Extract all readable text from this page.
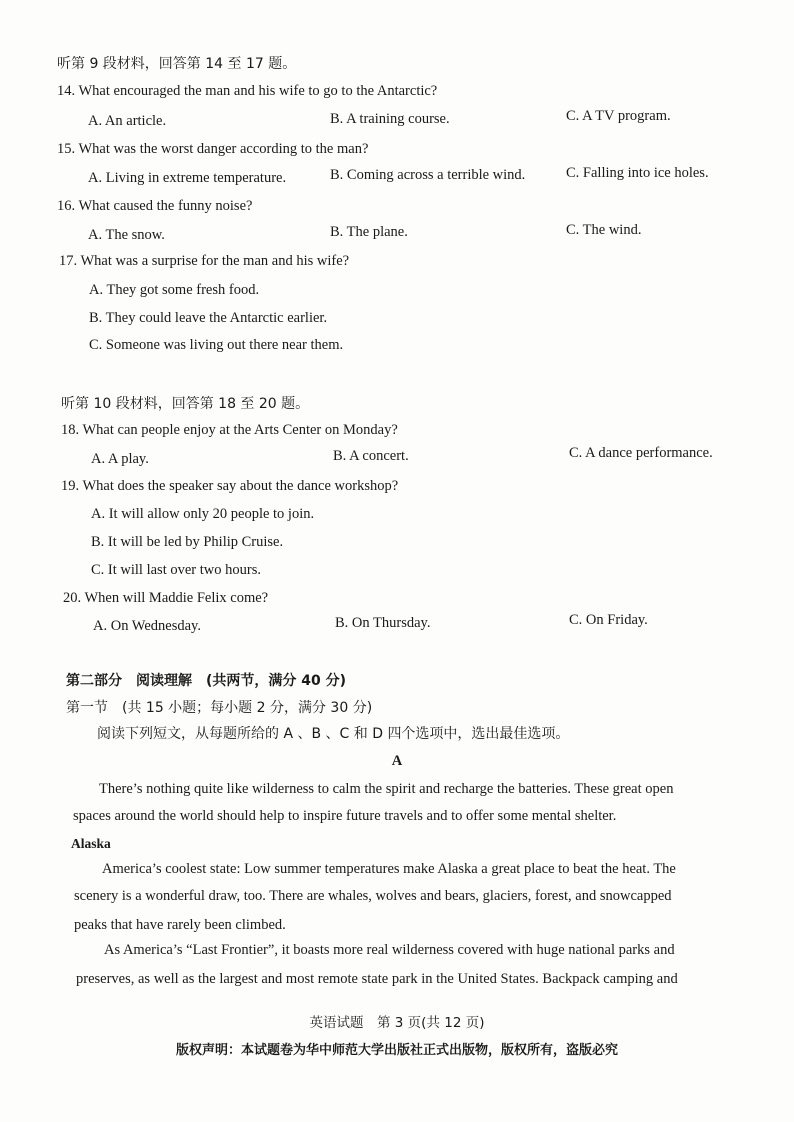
听第 9 段材料，回答第 14 至 17 题。
14. What encouraged the man and his wife to go to the Antarctic?
A. An article.	B. A training course.	C. A TV program.
15. What was the worst danger according to the man?
A. Living in extreme temperature.	B. Coming across a terrible wind.	C. Falling into ice holes.
16. What caused the funny noise?
A. The snow.	B. The plane.	C. The wind.
17. What was a surprise for the man and his wife?
A. They got some fresh food.
B. They could leave the Antarctic earlier.
C. Someone was living out there near them.
听第 10 段材料，回答第 18 至 20 题。
18. What can people enjoy at the Arts Center on Monday?
A. A play.	B. A concert.	C. A dance performance.
19. What does the speaker say about the dance workshop?
A. It will allow only 20 people to join.
B. It will be led by Philip Cruise.
C. It will last over two hours.
20. When will Maddie Felix come?
A. On Wednesday.	B. On Thursday.	C. On Friday.
第二部分　阅读理解　(共两节，满分 40 分)
第一节　(共 15 小题；每小题 2 分，满分 30 分)
阅读下列短文，从每题所给的 A 、B 、C 和 D 四个选项中，选出最佳选项。
A
There’s nothing quite like wilderness to calm the spirit and recharge the batteries. These great open
spaces around the world should help to inspire future travels and to offer some mental shelter.
Alaska
America’s coolest state: Low summer temperatures make Alaska a great place to beat the heat. The
scenery is a wonderful draw, too. There are whales, wolves and bears, glaciers, forest, and snowcapped
peaks that have rarely been climbed.
As America’s “Last Frontier”, it boasts more real wilderness covered with huge national parks and
preserves, as well as the largest and most remote state park in the United States. Backpack camping and
英语试题　第 3 页(共 12 页)
版权声明：本试题卷为华中师范大学出版社正式出版物，版权所有，盗版必究
